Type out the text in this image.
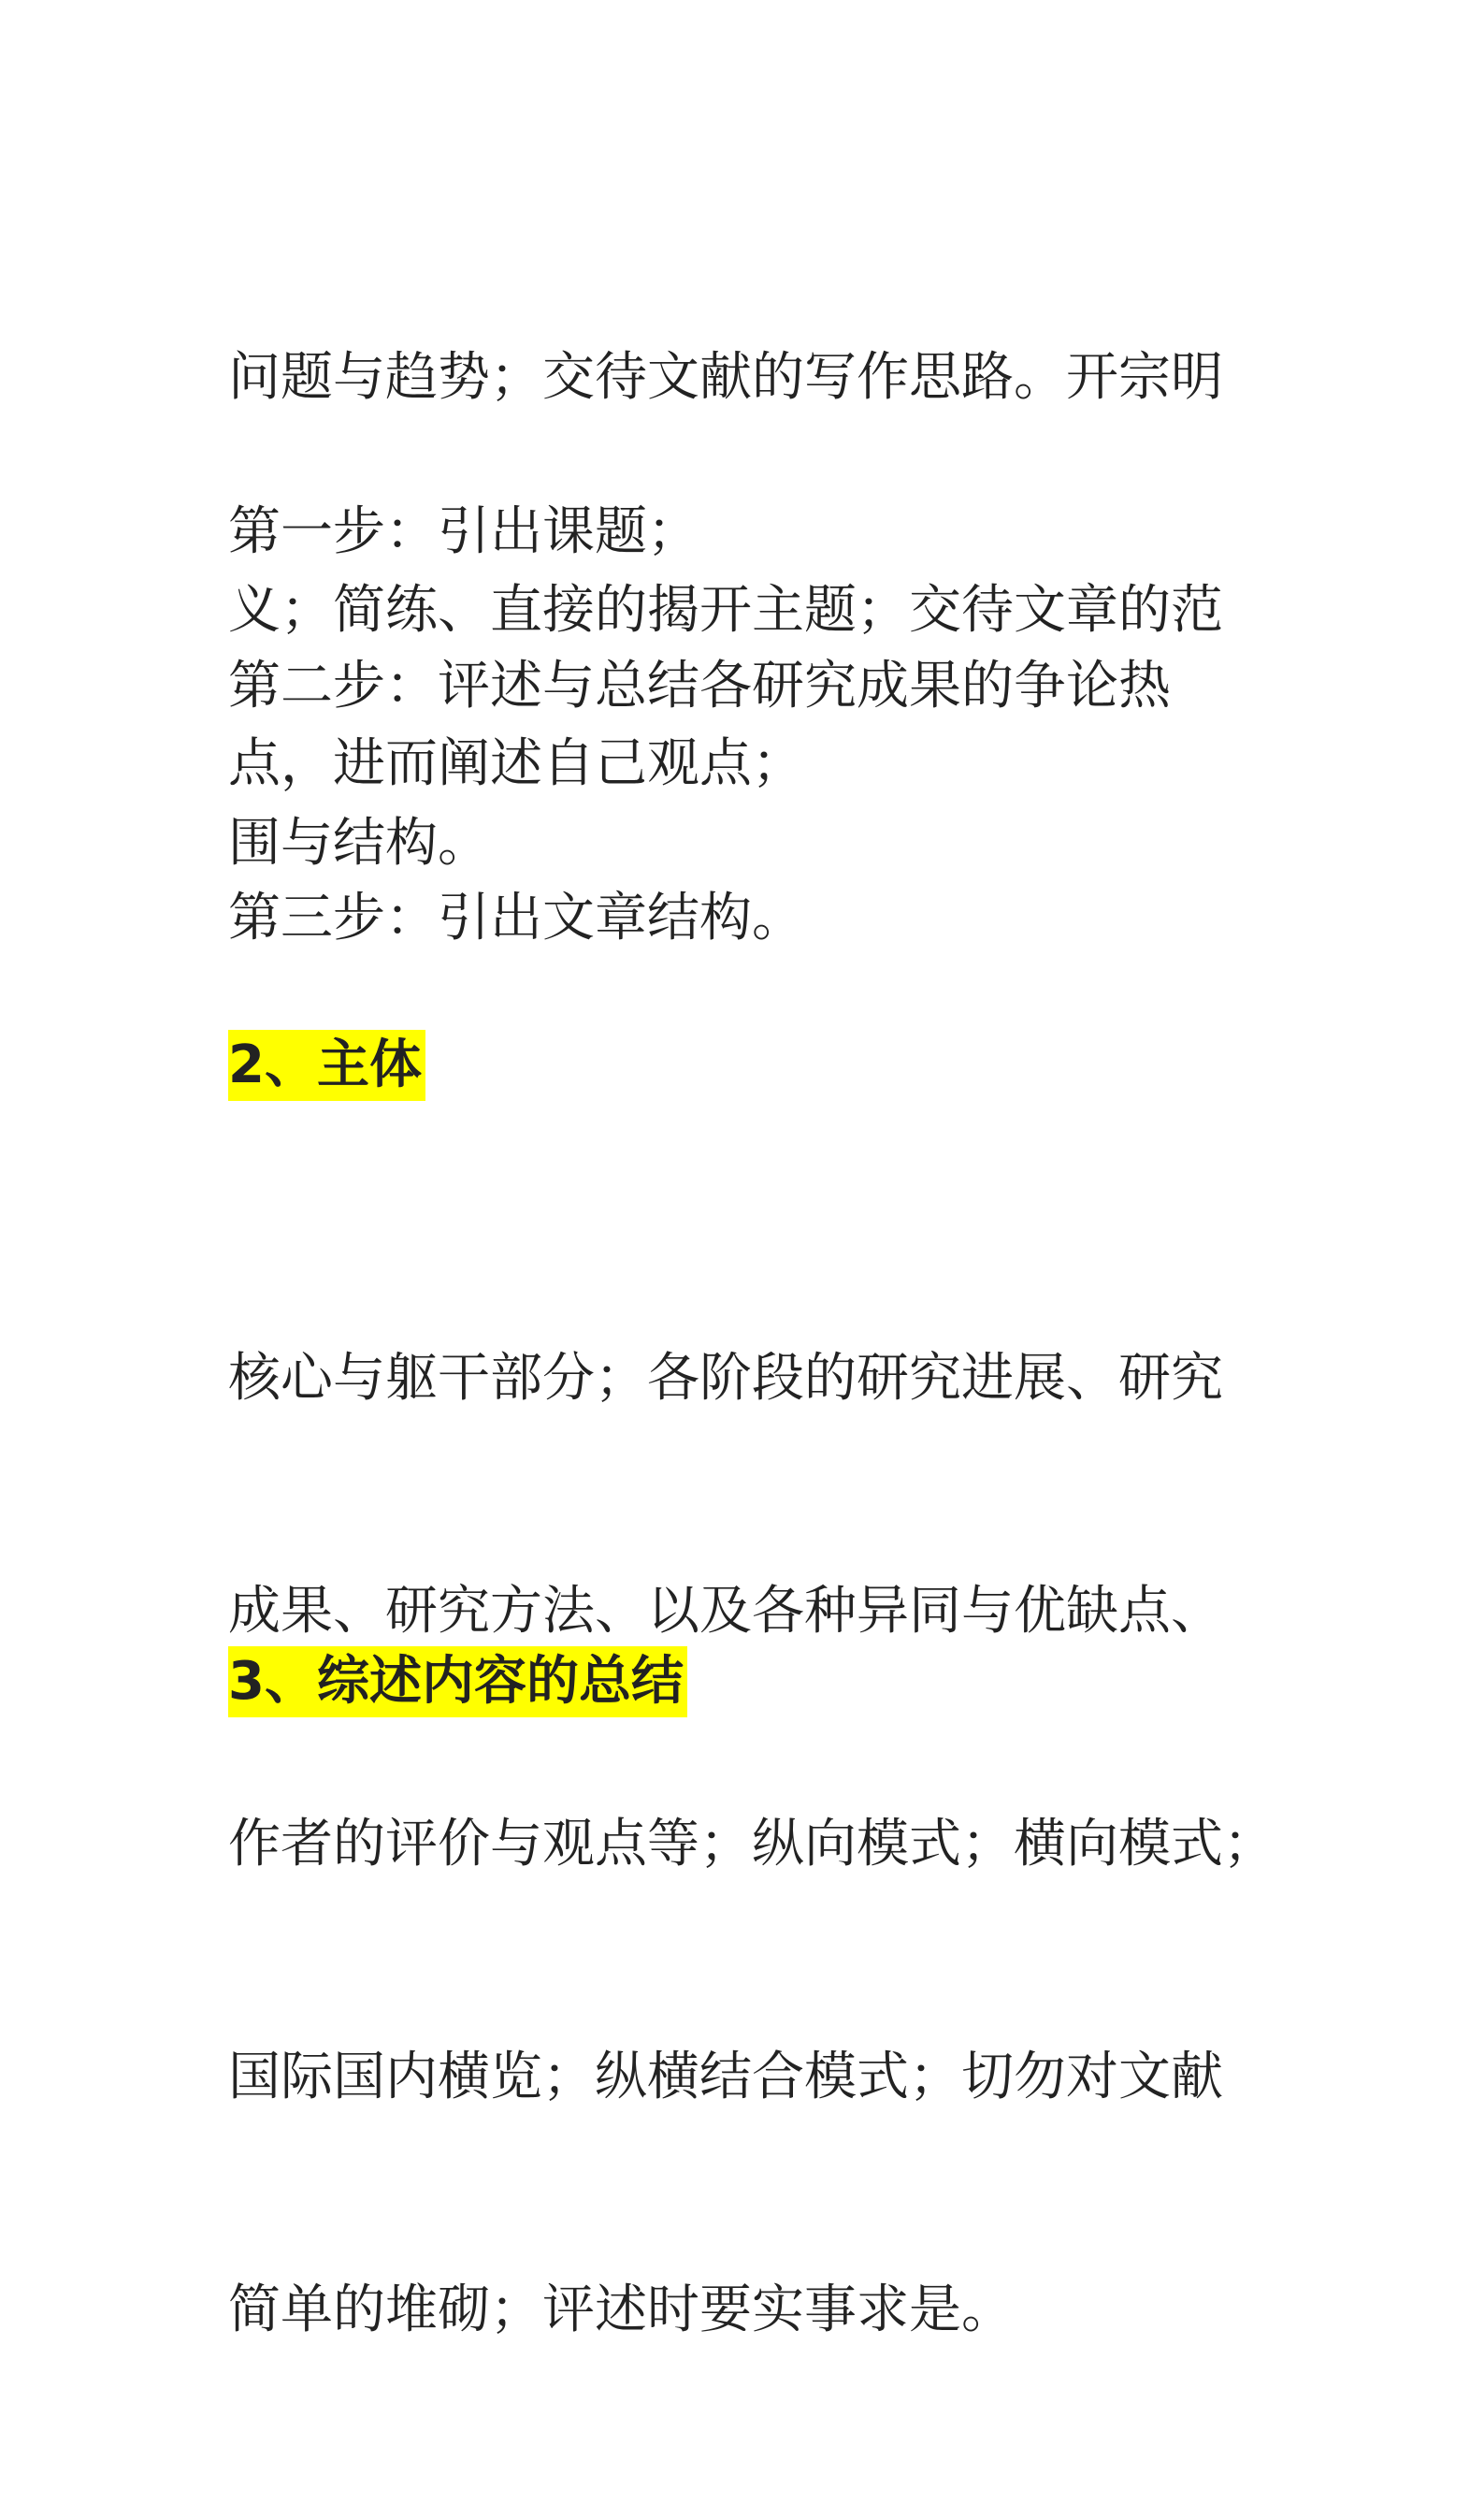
问题与趋势；交待文献的写作思路。开宗明

义；简练、直接的揭开主题；交待文章的范

围与结构。

第一步：引出课题；
第二步：评述与总结各研究成果的争论热
点，进而阐述自己观点；
第三步：引出文章结构。
2、主体

核心与躯干部分；各阶段的研究进展、研究

成果、研究方法、以及各种异同与优缺点、

作者的评价与观点等；纵向模式；横向模式；

国际国内横览；纵横结合模式；切勿对文献

简单的堆砌；评述时要实事求是。

3、综述内容的总结
